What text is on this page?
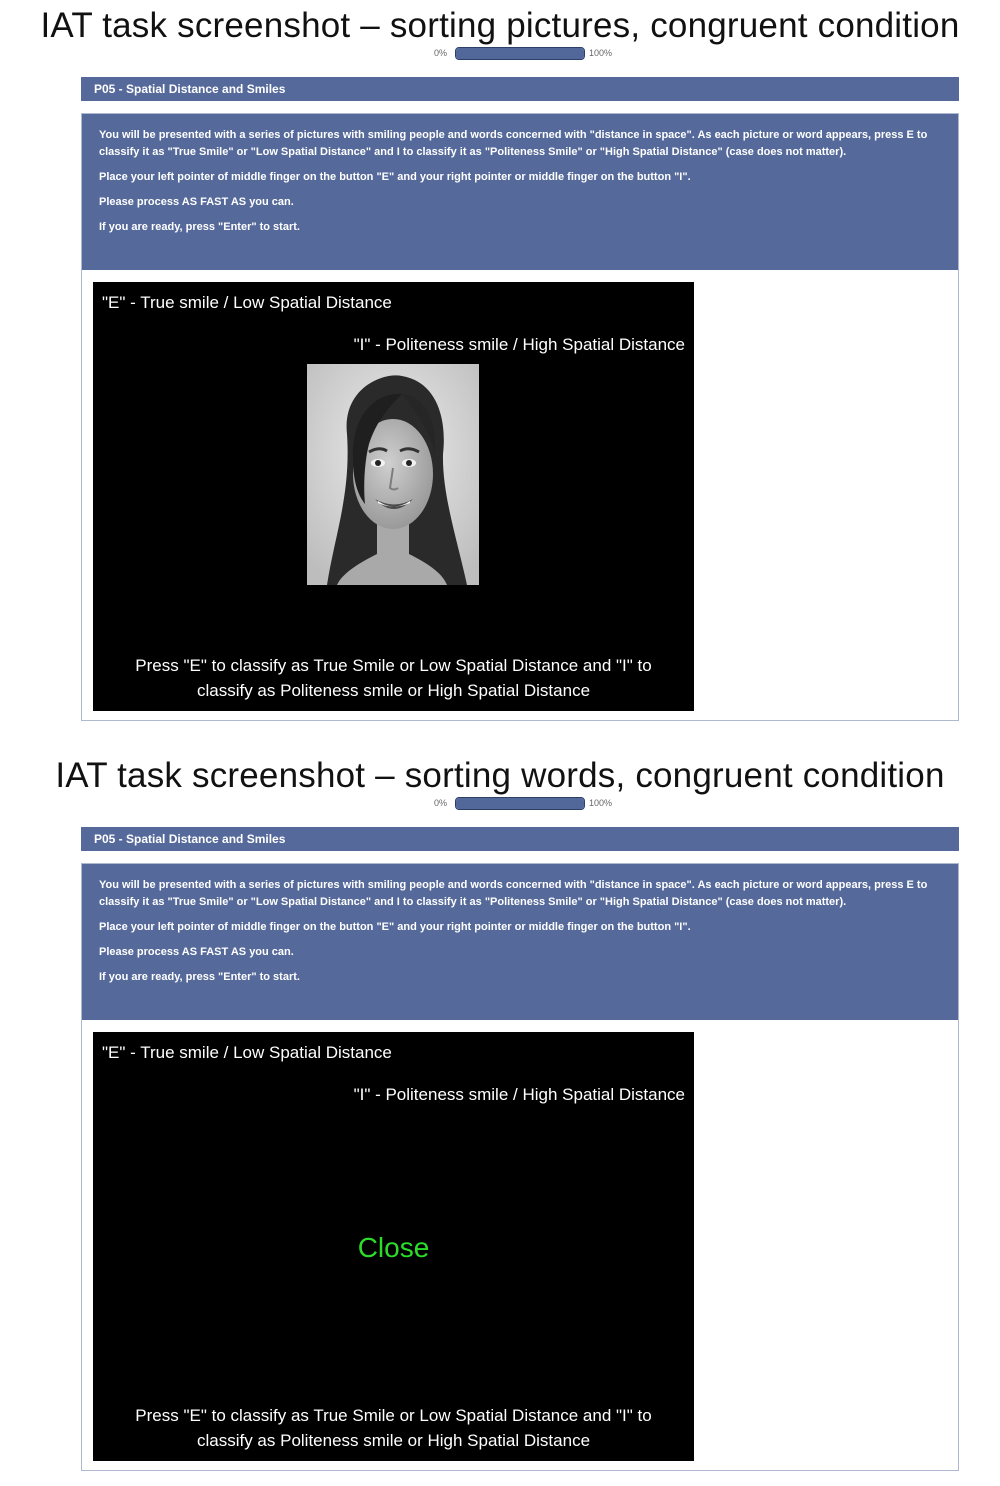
IAT task screenshot – sorting pictures, congruent condition
0%	100%
P05 - Spatial Distance and Smiles

You will be presented with a series of pictures with smiling people and words concerned with "distance in space". As each picture or word appears, press E to classify it as "True Smile" or "Low Spatial Distance" and I to classify it as "Politeness Smile" or "High Spatial Distance" (case does not matter).

Place your left pointer of middle finger on the button "E" and your right pointer or middle finger on the button "I".

Please process AS FAST AS you can.

If you are ready, press "Enter" to start.

"E" - True smile / Low Spatial Distance
"I" - Politeness smile / High Spatial Distance
Press "E" to classify as True Smile or Low Spatial Distance and "I" to
classify as Politeness smile or High Spatial Distance
IAT task screenshot – sorting words, congruent condition
0%	100%
P05 - Spatial Distance and Smiles

You will be presented with a series of pictures with smiling people and words concerned with "distance in space". As each picture or word appears, press E to classify it as "True Smile" or "Low Spatial Distance" and I to classify it as "Politeness Smile" or "High Spatial Distance" (case does not matter).

Place your left pointer of middle finger on the button "E" and your right pointer or middle finger on the button "I".

Please process AS FAST AS you can.

If you are ready, press "Enter" to start.

"E" - True smile / Low Spatial Distance
"I" - Politeness smile / High Spatial Distance
Close
Press "E" to classify as True Smile or Low Spatial Distance and "I" to
classify as Politeness smile or High Spatial Distance
